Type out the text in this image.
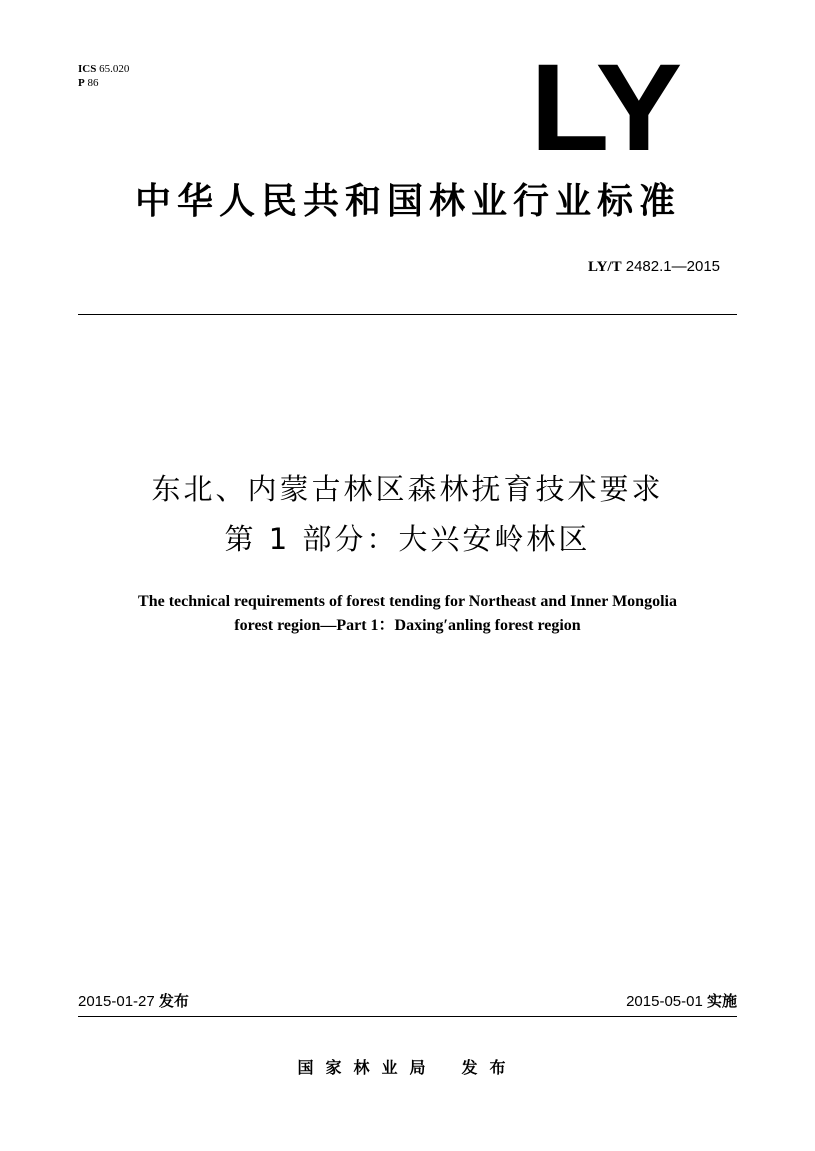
ICS 65.020
P 86	LY
中华人民共和国林业行业标准
LY/T 2482.1—2015
东北、内蒙古林区森林抚育技术要求
第 1 部分：大兴安岭林区
The technical requirements of forest tending for Northeast and Inner Mongolia
forest region—Part 1：Daxing′anling forest region
2015-01-27 发布	2015-05-01 实施
国家林业局 发布
